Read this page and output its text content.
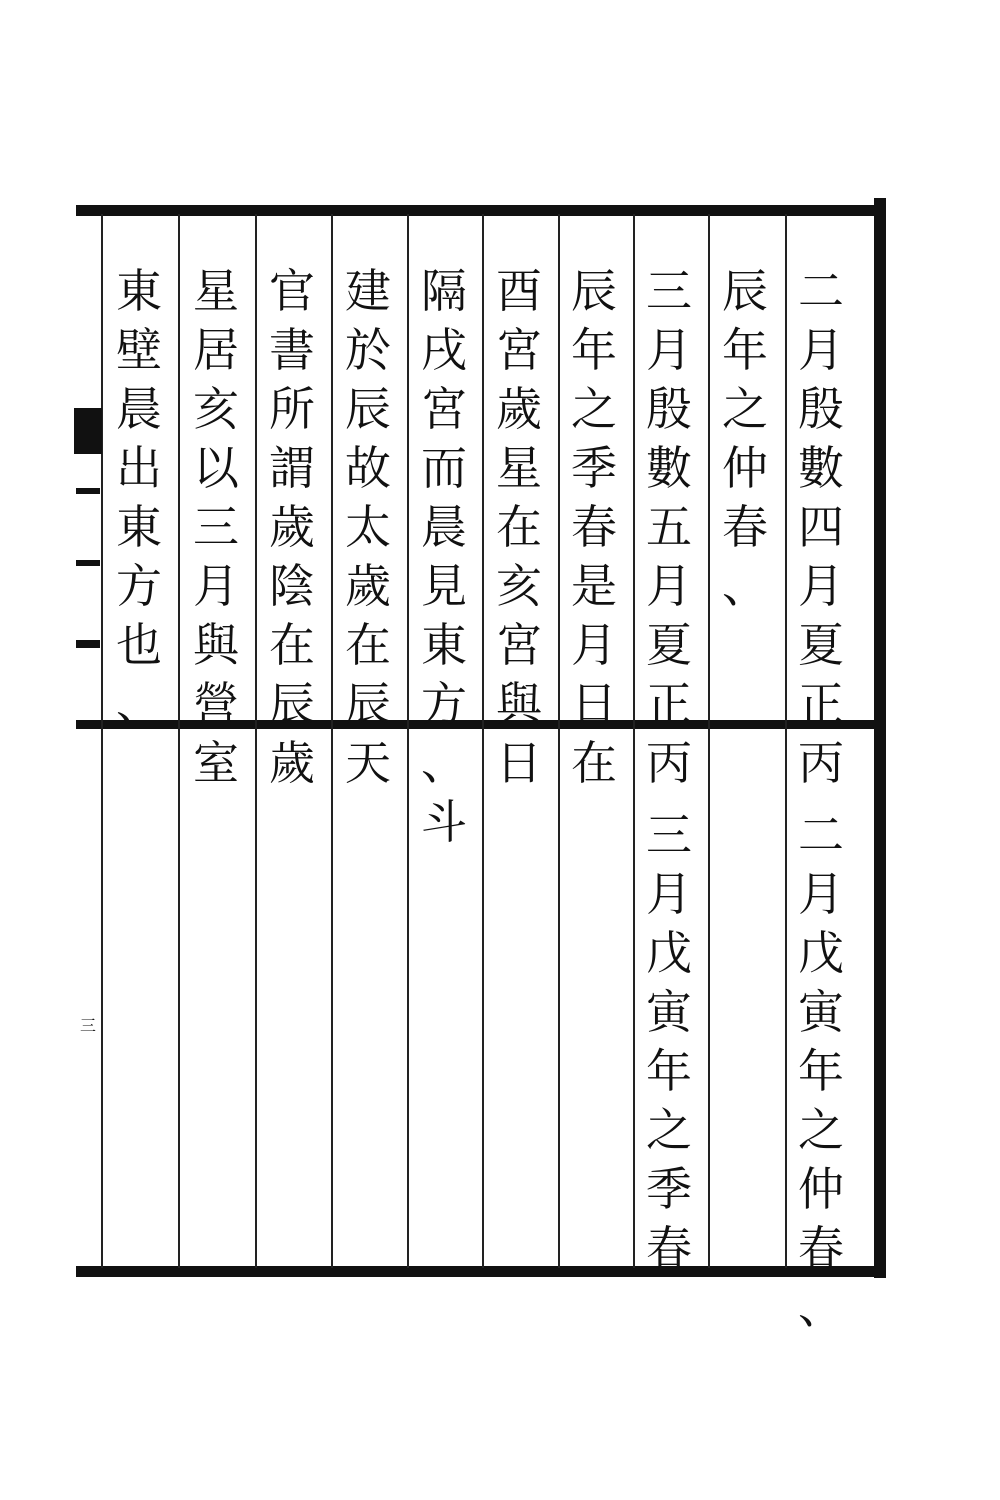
三
二
月
殷
數
四
月
夏
正
丙
辰
年
之
仲
春
、
三
月
殷
數
五
月
夏
正
丙
辰
年
之
季
春
是
月
日
在
酉
宮
歲
星
在
亥
宮
與
日
隔
戌
宮
而
晨
見
東
方
、
斗
建
於
辰
故
太
歲
在
辰
天
官
書
所
謂
歲
陰
在
辰
歲
星
居
亥
以
三
月
與
營
室
東
壁
晨
出
東
方
也
、
二
月
戊
寅
年
之
仲
春
、
三
月
戊
寅
年
之
季
春
